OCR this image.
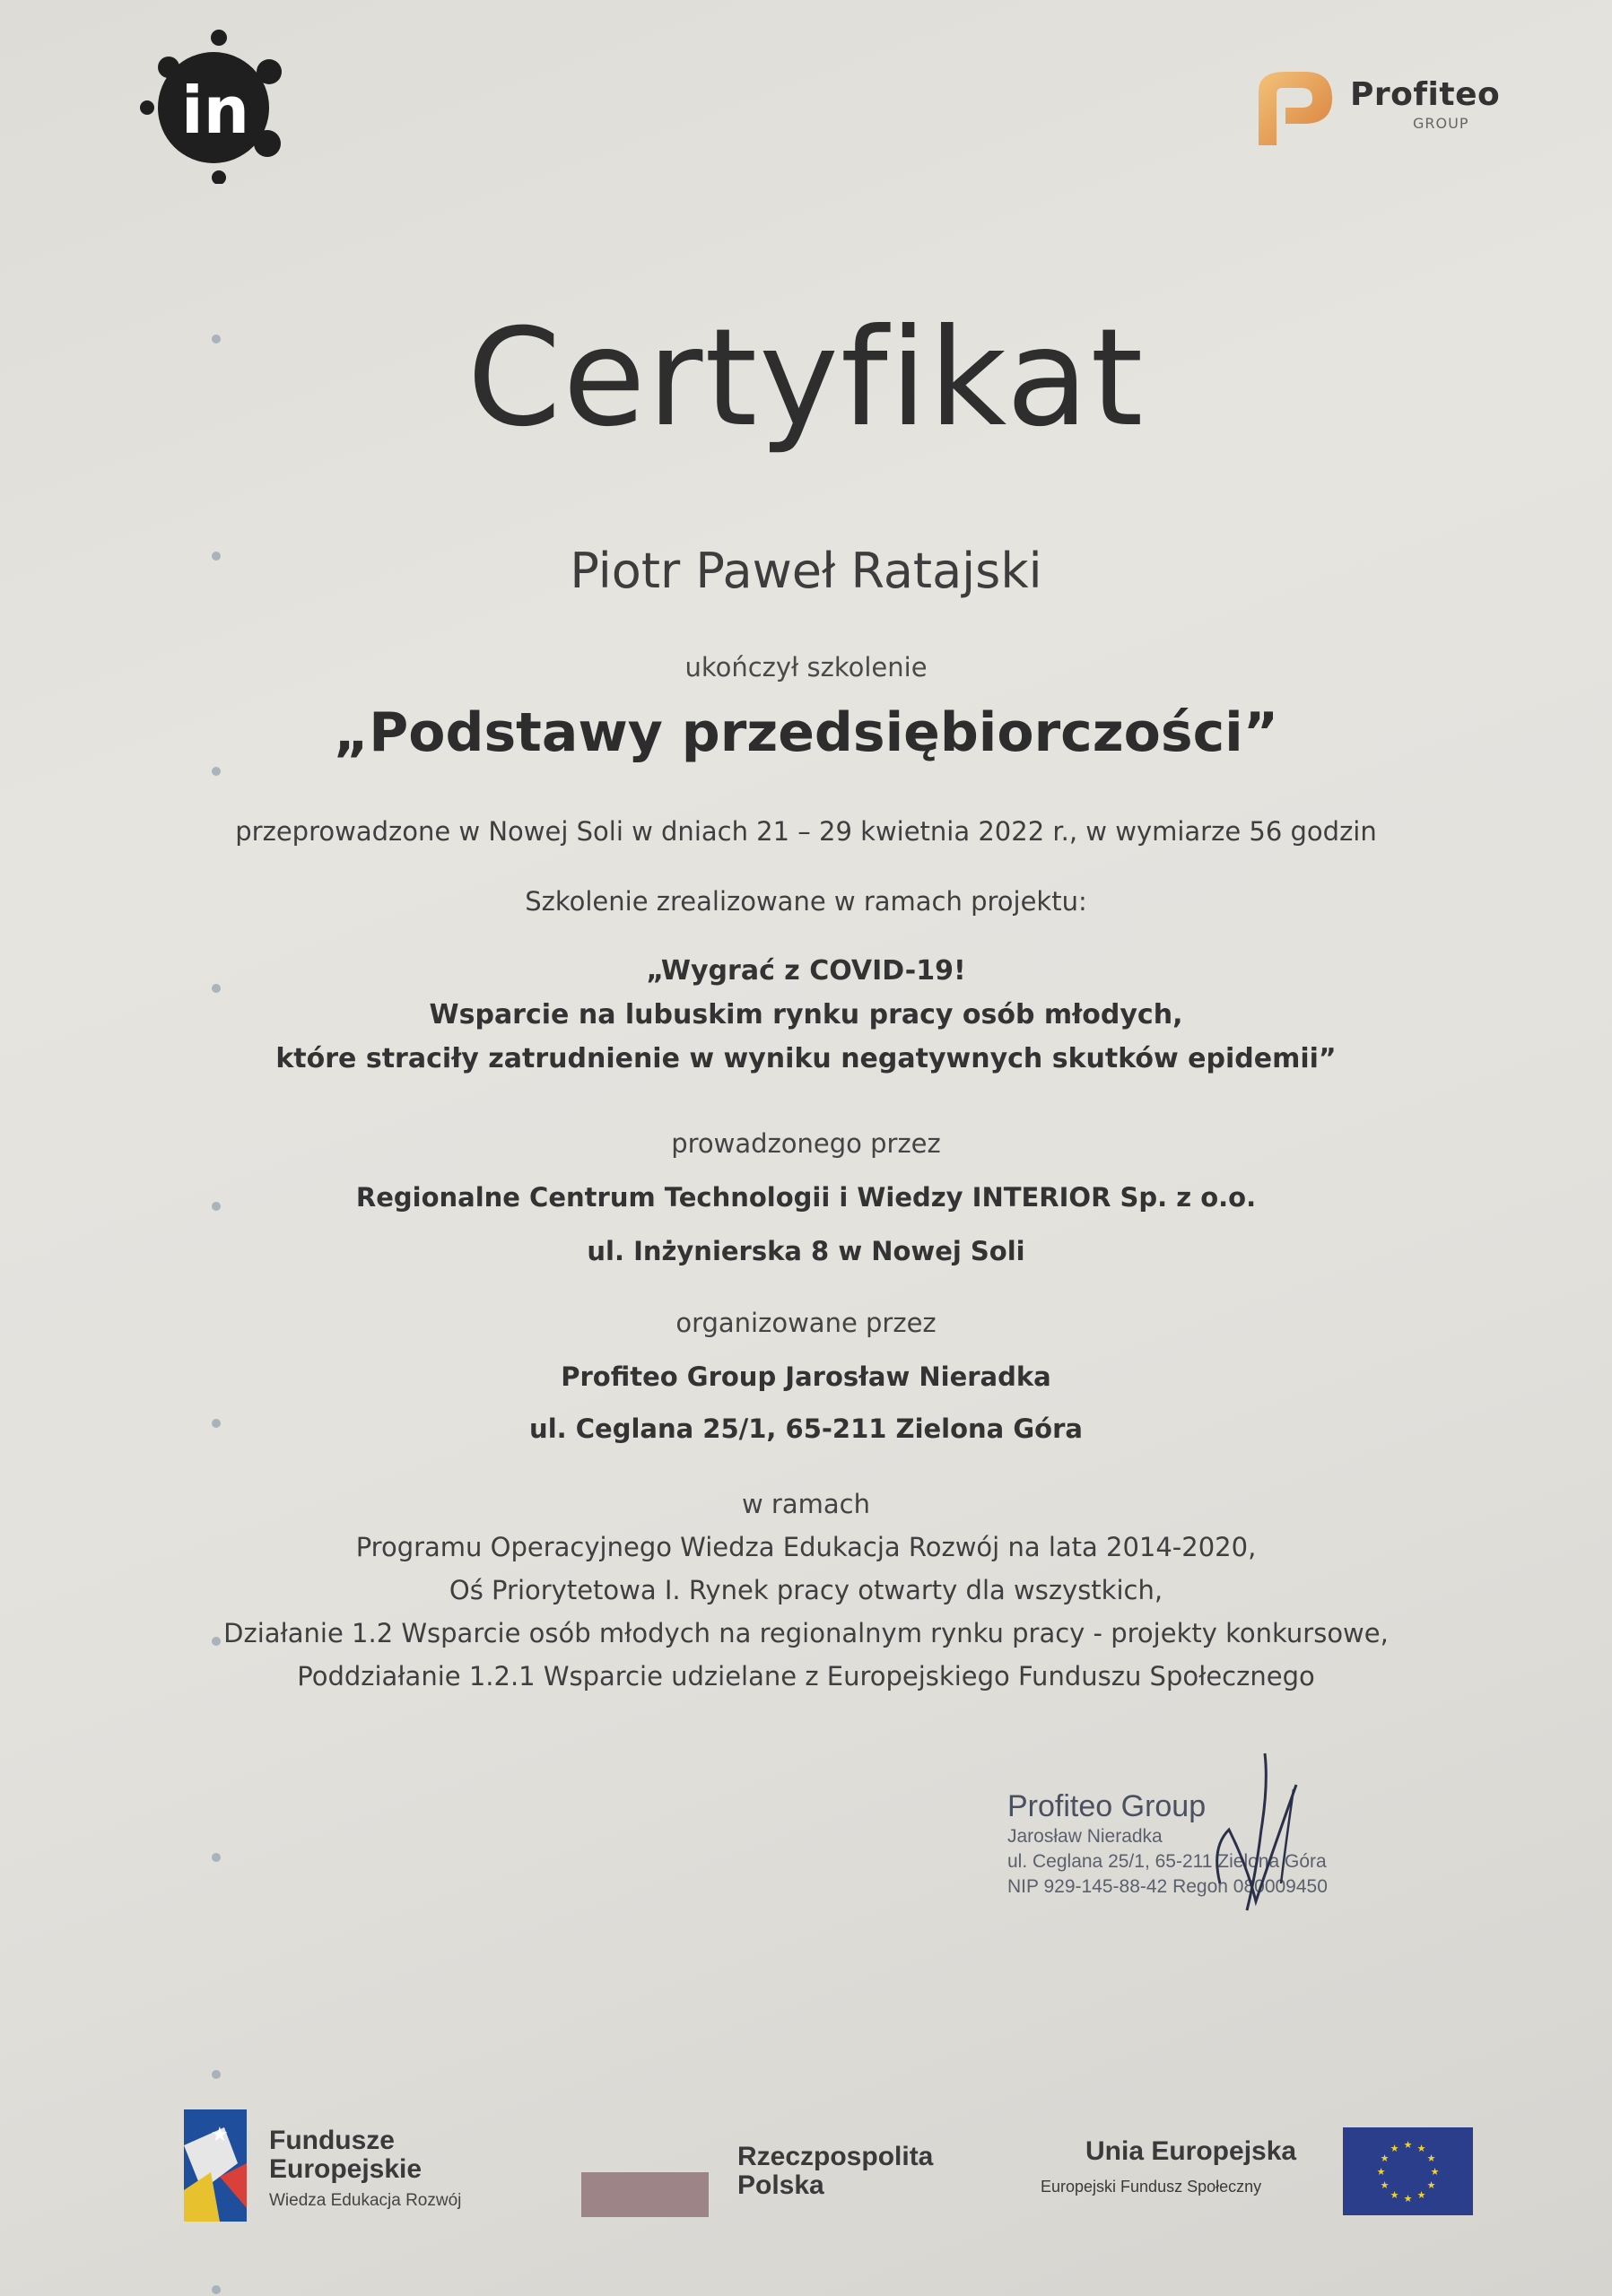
in	Profiteo
GROUP
Certyfikat
Piotr Paweł Ratajski
ukończył szkolenie
„Podstawy przedsiębiorczości”
przeprowadzone w Nowej Soli w dniach 21 – 29 kwietnia 2022 r., w wymiarze 56 godzin
Szkolenie zrealizowane w ramach projektu:
„Wygrać z COVID-19!
Wsparcie na lubuskim rynku pracy osób młodych,
które straciły zatrudnienie w wyniku negatywnych skutków epidemii”
prowadzonego przez
Regionalne Centrum Technologii i Wiedzy INTERIOR Sp. z o.o.
ul. Inżynierska 8 w Nowej Soli
organizowane przez
Profiteo Group Jarosław Nieradka
ul. Ceglana 25/1, 65-211 Zielona Góra
w ramach
Programu Operacyjnego Wiedza Edukacja Rozwój na lata 2014-2020,
Oś Priorytetowa I. Rynek pracy otwarty dla wszystkich,
Działanie 1.2 Wsparcie osób młodych na regionalnym rynku pracy - projekty konkursowe,
Poddziałanie 1.2.1 Wsparcie udzielane z Europejskiego Funduszu Społecznego
Profiteo Group
Jarosław Nieradka
ul. Ceglana 25/1, 65-211 Zielona Góra
NIP 929-145-88-42 Regon 080009450
★ Fundusze
Europejskie
Wiedza Edukacja Rozwój
Rzeczpospolita
Polska
Unia Europejska
Europejski Fundusz Społeczny
★
★
★
★
★
★
★
★
★ ★ ★
★
